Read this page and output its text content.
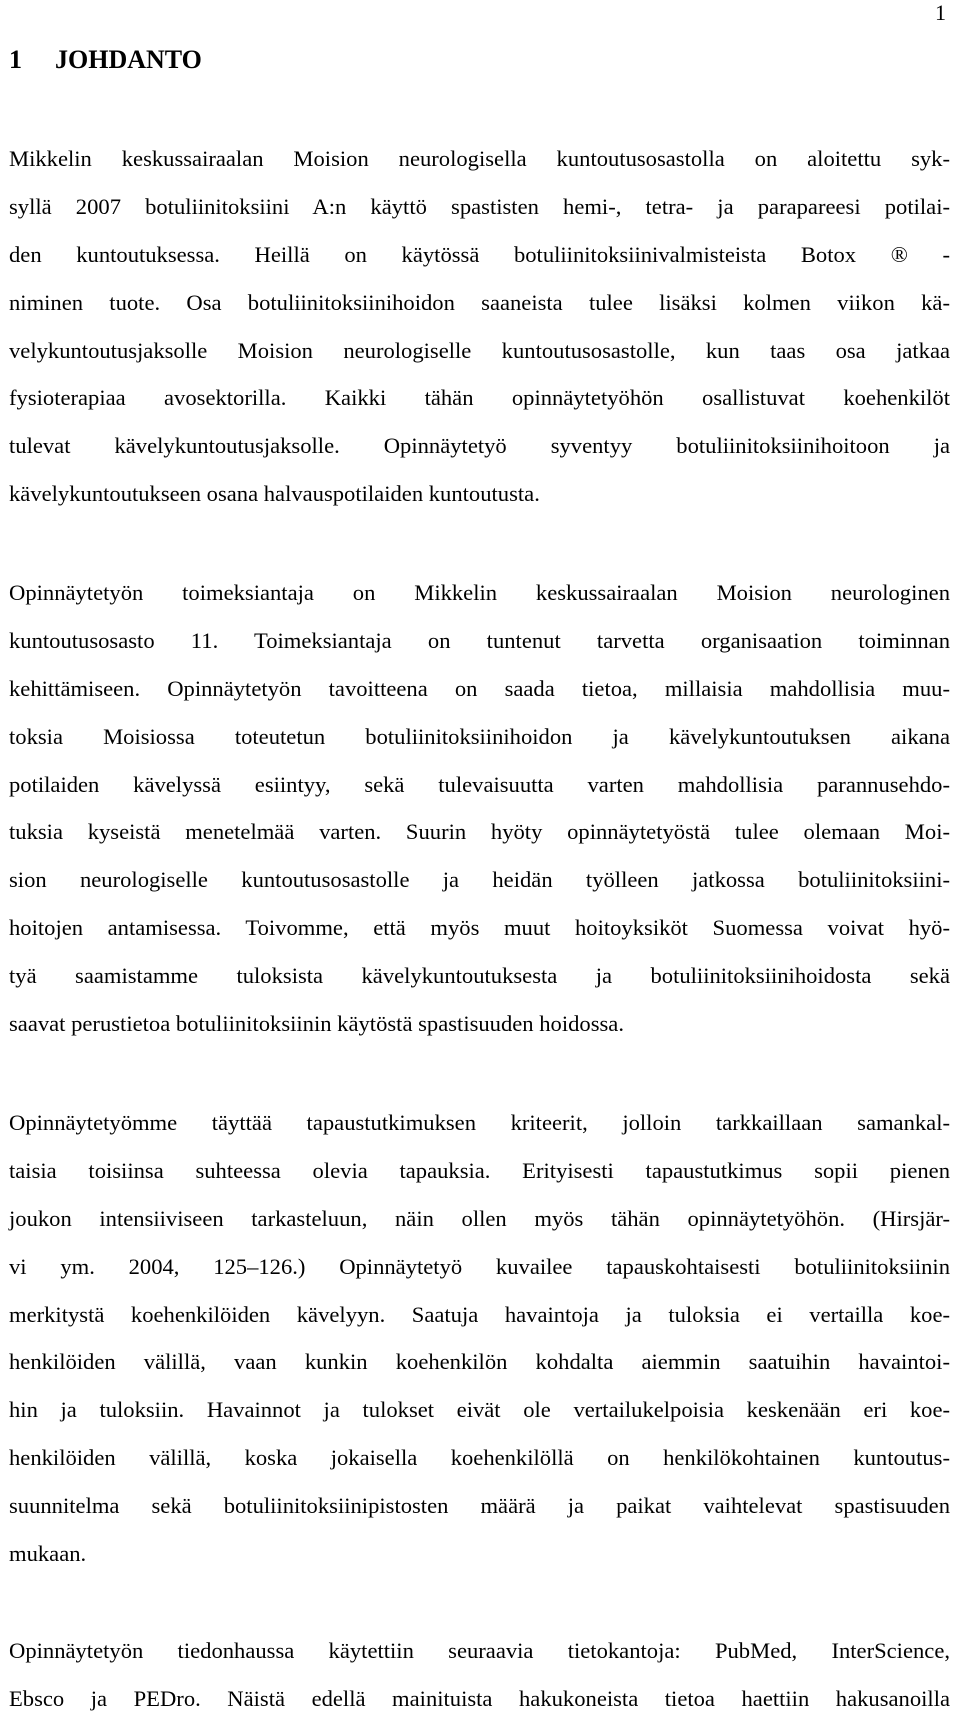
1
1 JOHDANTO
Mikkelin keskussairaalan Moision neurologisella kuntoutusosastolla on aloitettu syk-
syllä 2007 botuliinitoksiini A:n käyttö spastisten hemi-, tetra- ja parapareesi potilai-
den kuntoutuksessa. Heillä on käytössä botuliinitoksiinivalmisteista Botox ® -
niminen tuote. Osa botuliinitoksiinihoidon saaneista tulee lisäksi kolmen viikon kä-
velykuntoutusjaksolle Moision neurologiselle kuntoutusosastolle, kun taas osa jatkaa
fysioterapiaa avosektorilla. Kaikki tähän opinnäytetyöhön osallistuvat koehenkilöt
tulevat kävelykuntoutusjaksolle. Opinnäytetyö syventyy botuliinitoksiinihoitoon ja
kävelykuntoutukseen osana halvauspotilaiden kuntoutusta.
Opinnäytetyön toimeksiantaja on Mikkelin keskussairaalan Moision neurologinen
kuntoutusosasto 11. Toimeksiantaja on tuntenut tarvetta organisaation toiminnan
kehittämiseen. Opinnäytetyön tavoitteena on saada tietoa, millaisia mahdollisia muu-
toksia Moisiossa toteutetun botuliinitoksiinihoidon ja kävelykuntoutuksen aikana
potilaiden kävelyssä esiintyy, sekä tulevaisuutta varten mahdollisia parannusehdo-
tuksia kyseistä menetelmää varten. Suurin hyöty opinnäytetyöstä tulee olemaan Moi-
sion neurologiselle kuntoutusosastolle ja heidän työlleen jatkossa botuliinitoksiini-
hoitojen antamisessa. Toivomme, että myös muut hoitoyksiköt Suomessa voivat hyö-
tyä saamistamme tuloksista kävelykuntoutuksesta ja botuliinitoksiinihoidosta sekä
saavat perustietoa botuliinitoksiinin käytöstä spastisuuden hoidossa.
Opinnäytetyömme täyttää tapaustutkimuksen kriteerit, jolloin tarkkaillaan samankal-
taisia toisiinsa suhteessa olevia tapauksia. Erityisesti tapaustutkimus sopii pienen
joukon intensiiviseen tarkasteluun, näin ollen myös tähän opinnäytetyöhön. (Hirsjär-
vi ym. 2004, 125–126.) Opinnäytetyö kuvailee tapauskohtaisesti botuliinitoksiinin
merkitystä koehenkilöiden kävelyyn. Saatuja havaintoja ja tuloksia ei vertailla koe-
henkilöiden välillä, vaan kunkin koehenkilön kohdalta aiemmin saatuihin havaintoi-
hin ja tuloksiin. Havainnot ja tulokset eivät ole vertailukelpoisia keskenään eri koe-
henkilöiden välillä, koska jokaisella koehenkilöllä on henkilökohtainen kuntoutus-
suunnitelma sekä botuliinitoksiinipistosten määrä ja paikat vaihtelevat spastisuuden
mukaan.
Opinnäytetyön tiedonhaussa käytettiin seuraavia tietokantoja: PubMed, InterScience,
Ebsco ja PEDro. Näistä edellä mainituista hakukoneista tietoa haettiin hakusanoilla
